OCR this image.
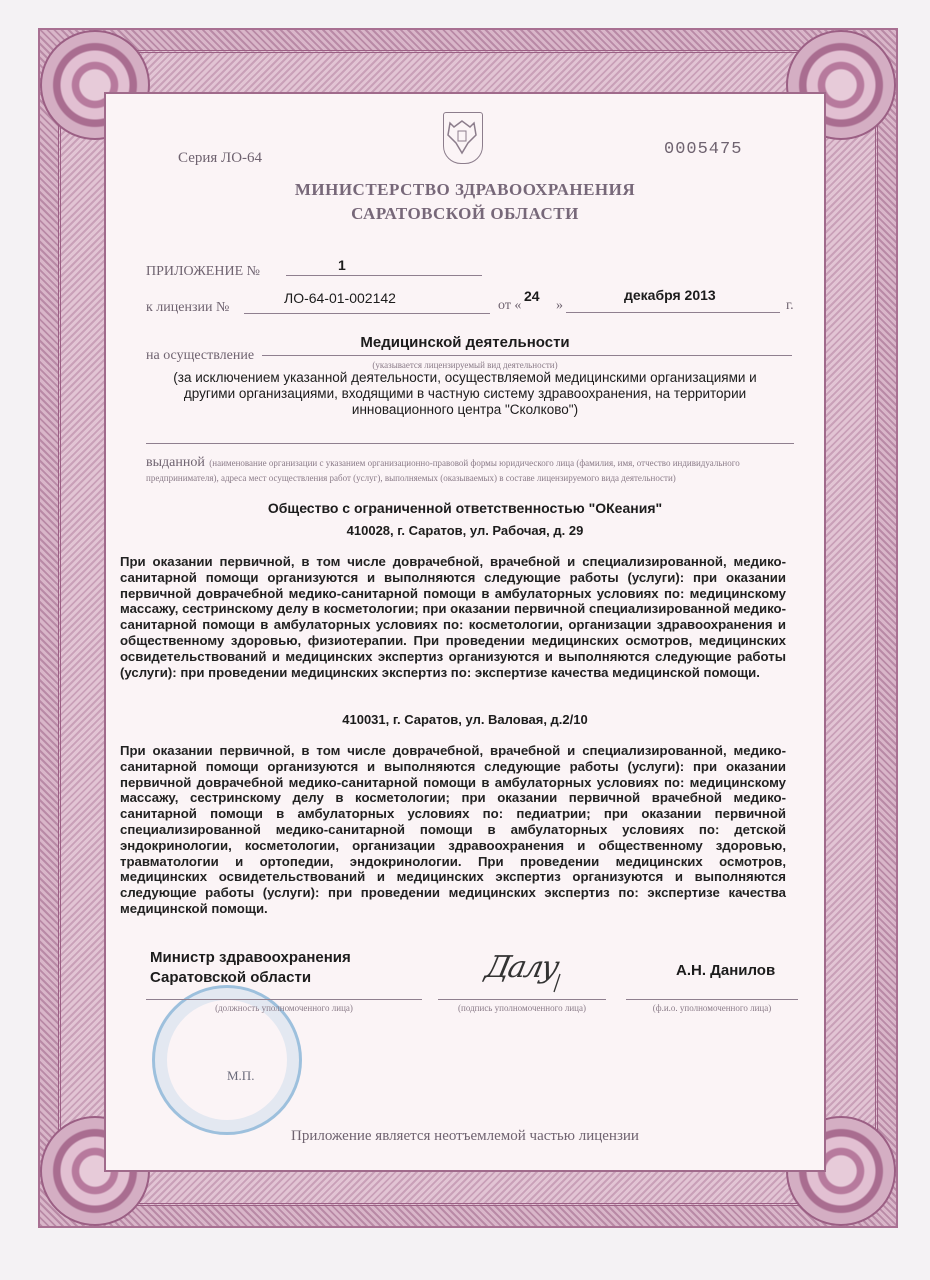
Серия ЛО-64	0005475
МИНИСТЕРСТВО ЗДРАВООХРАНЕНИЯ
САРАТОВСКОЙ ОБЛАСТИ
ПРИЛОЖЕНИЕ №	1
к лицензии №
ЛО-64-01-002142	от «
24
»
декабря 2013
г.
Медицинской деятельности
на осуществление
(указывается лицензируемый вид деятельности)
(за исключением указанной деятельности, осуществляемой медицинскими организациями и другими организациями, входящими в частную систему здравоохранения, на территории инновационного центра "Сколково")
выданной (наименование организации с указанием организационно-правовой формы юридического лица (фамилия, имя, отчество индивидуального предпринимателя), адреса мест осуществления работ (услуг), выполняемых (оказываемых) в составе лицензируемого вида деятельности)
Общество с ограниченной ответственностью "ОКеания"
410028, г. Саратов, ул. Рабочая, д. 29
При оказании первичной, в том числе доврачебной, врачебной и специализированной, медико-санитарной помощи организуются и выполняются следующие работы (услуги): при оказании первичной доврачебной медико-санитарной помощи в амбулаторных условиях по: медицинскому массажу, сестринскому делу в косметологии; при оказании первичной специализированной медико-санитарной помощи в амбулаторных условиях по: косметологии, организации здравоохранения и общественному здоровью, физиотерапии. При проведении медицинских осмотров, медицинских освидетельствований и медицинских экспертиз организуются и выполняются следующие работы (услуги): при проведении медицинских экспертиз по: экспертизе качества медицинской помощи.
410031, г. Саратов, ул. Валовая, д.2/10
При оказании первичной, в том числе доврачебной, врачебной и специализированной, медико-санитарной помощи организуются и выполняются следующие работы (услуги): при оказании первичной доврачебной медико-санитарной помощи в амбулаторных условиях по: медицинскому массажу, сестринскому делу в косметологии; при оказании первичной врачебной медико-санитарной помощи в амбулаторных условиях по: педиатрии; при оказании первичной специализированной медико-санитарной помощи в амбулаторных условиях по: детской эндокринологии, косметологии, организации здравоохранения и общественному здоровью, травматологии и ортопедии, эндокринологии. При проведении медицинских осмотров, медицинских освидетельствований и медицинских экспертиз организуются и выполняются следующие работы (услуги): при проведении медицинских экспертиз по: экспертизе качества медицинской помощи.
М.П.
Министр здравоохранения
Саратовской области	Далу	А.Н. Данилов
(должность уполномоченного лица)	(подпись уполномоченного лица)	(ф.и.о. уполномоченного лица)
Приложение является неотъемлемой частью лицензии
